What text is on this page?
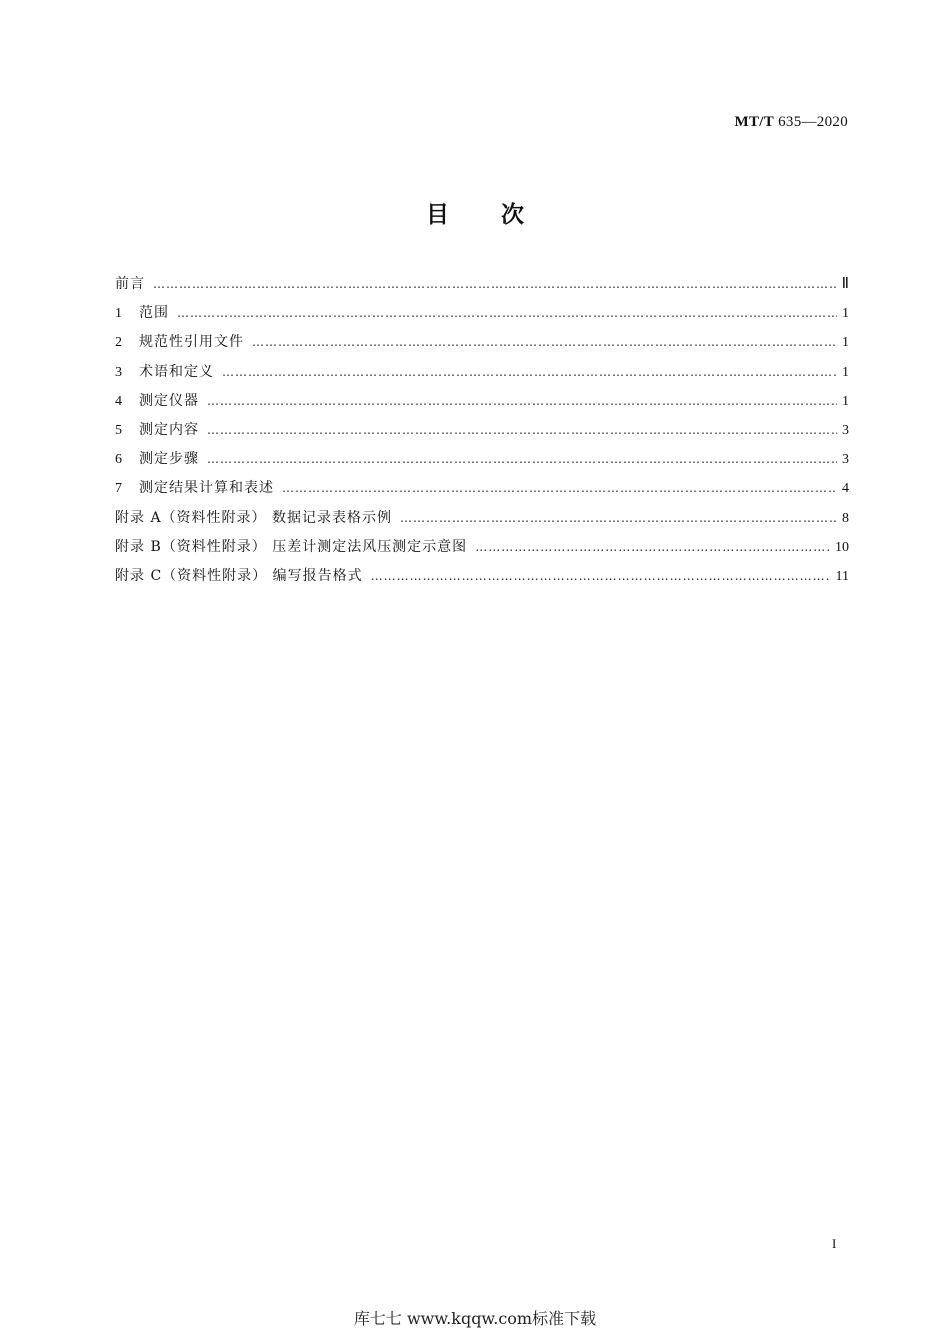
MT/T 635—2020
目次
前言 …………………………………………………………………………………………………………………………………………………………………………	Ⅱ
1	范围 …………………………………………………………………………………………………………………………………………………………………………	1
2	规范性引用文件 …………………………………………………………………………………………………………………………………………………………………………	1
3	术语和定义 …………………………………………………………………………………………………………………………………………………………………………	1
4	测定仪器 …………………………………………………………………………………………………………………………………………………………………………	1
5	测定内容 …………………………………………………………………………………………………………………………………………………………………………	3
6	测定步骤 …………………………………………………………………………………………………………………………………………………………………………	3
7	测定结果计算和表述 …………………………………………………………………………………………………………………………………………………………………………	4
附录 A（资料性附录） 数据记录表格示例 …………………………………………………………………………………………………………………………………………………………………………	8
附录 B（资料性附录） 压差计测定法风压测定示意图 …………………………………………………………………………………………………………………………………………………………………………	10
附录 C（资料性附录） 编写报告格式 …………………………………………………………………………………………………………………………………………………………………………	11
I
库七七 www.kqqw.com标准下载
